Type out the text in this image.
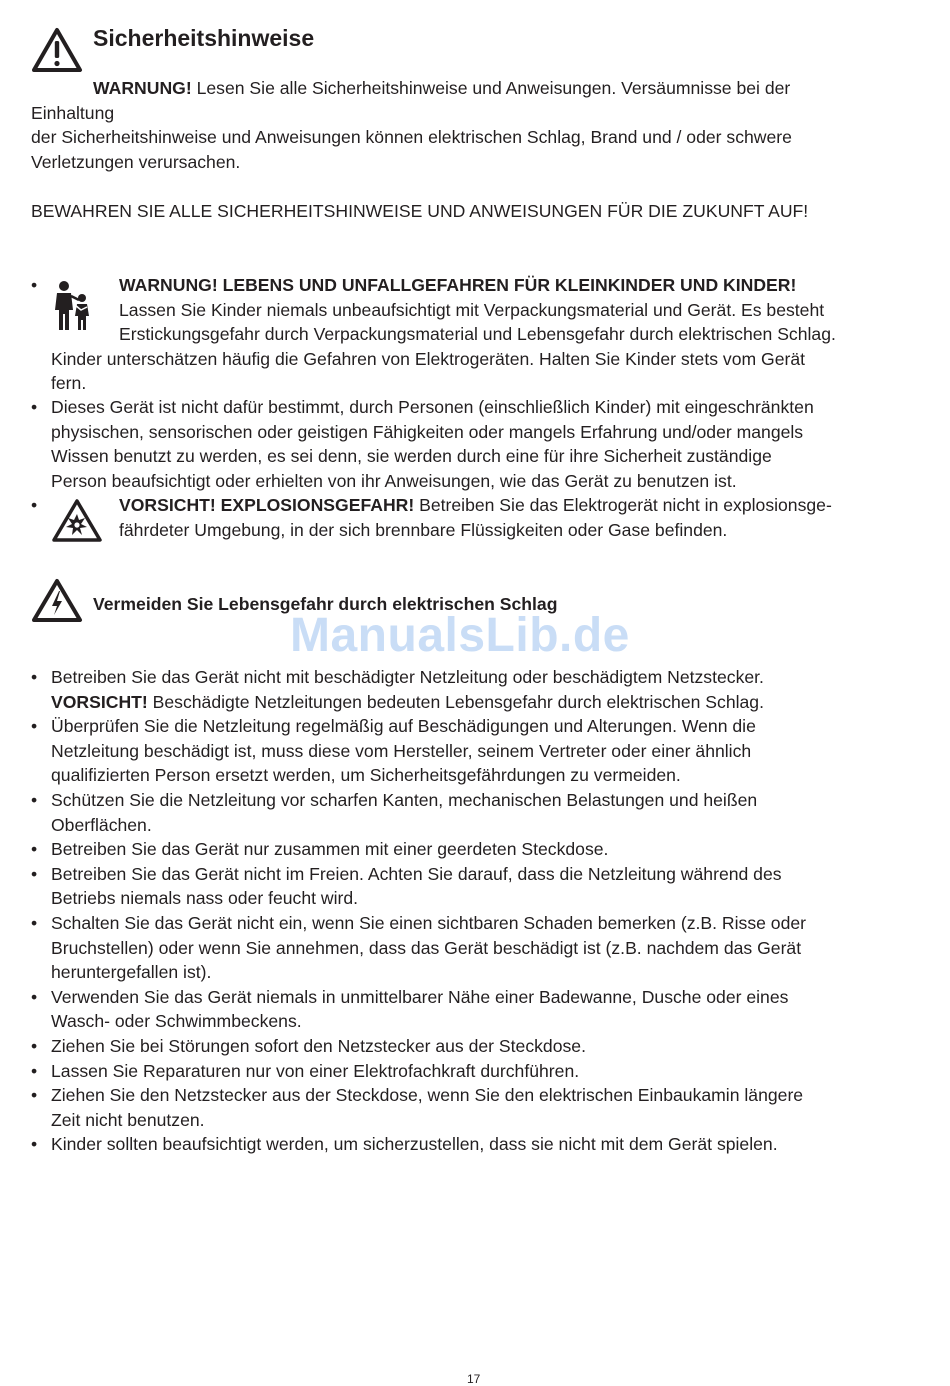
Sicherheitshinweise
WARNUNG! Lesen Sie alle Sicherheitshinweise und Anweisungen. Versäumnisse bei der
Einhaltung
der Sicherheitshinweise und Anweisungen können elektrischen Schlag, Brand und / oder schwere
Verletzungen verursachen.
BEWAHREN SIE ALLE SICHERHEITSHINWEISE UND ANWEISUNGEN FÜR DIE ZUKUNFT AUF!
•	WARNUNG! LEBENS UND UNFALLGEFAHREN FÜR KLEINKINDER UND KINDER!
Lassen Sie Kinder niemals unbeaufsichtigt mit Verpackungsmaterial und Gerät. Es besteht
Erstickungsgefahr durch Verpackungsmaterial und Lebensgefahr durch elektrischen Schlag.
Kinder unterschätzen häufig die Gefahren von Elektrogeräten. Halten Sie Kinder stets vom Gerät
fern.
• Dieses Gerät ist nicht dafür bestimmt, durch Personen (einschließlich Kinder) mit eingeschränkten
physischen, sensorischen oder geistigen Fähigkeiten oder mangels Erfahrung und/oder mangels
Wissen benutzt zu werden, es sei denn, sie werden durch eine für ihre Sicherheit zuständige
Person beaufsichtigt oder erhielten von ihr Anweisungen, wie das Gerät zu benutzen ist.
•	VORSICHT! EXPLOSIONSGEFAHR! Betreiben Sie das Elektrogerät nicht in explosionsge-
fährdeter Umgebung, in der sich brennbare Flüssigkeiten oder Gase befinden.
Vermeiden Sie Lebensgefahr durch elektrischen Schlag
ManualsLib.de
• Betreiben Sie das Gerät nicht mit beschädigter Netzleitung oder beschädigtem Netzstecker.
VORSICHT! Beschädigte Netzleitungen bedeuten Lebensgefahr durch elektrischen Schlag.
• Überprüfen Sie die Netzleitung regelmäßig auf Beschädigungen und Alterungen. Wenn die
Netzleitung beschädigt ist, muss diese vom Hersteller, seinem Vertreter oder einer ähnlich
qualifizierten Person ersetzt werden, um Sicherheitsgefährdungen zu vermeiden.
• Schützen Sie die Netzleitung vor scharfen Kanten, mechanischen Belastungen und heißen
Oberflächen.
• Betreiben Sie das Gerät nur zusammen mit einer geerdeten Steckdose.
• Betreiben Sie das Gerät nicht im Freien. Achten Sie darauf, dass die Netzleitung während des
Betriebs niemals nass oder feucht wird.
• Schalten Sie das Gerät nicht ein, wenn Sie einen sichtbaren Schaden bemerken (z.B. Risse oder
Bruchstellen) oder wenn Sie annehmen, dass das Gerät beschädigt ist (z.B. nachdem das Gerät
heruntergefallen ist).
• Verwenden Sie das Gerät niemals in unmittelbarer Nähe einer Badewanne, Dusche oder eines
Wasch- oder Schwimmbeckens.
• Ziehen Sie bei Störungen sofort den Netzstecker aus der Steckdose.
• Lassen Sie Reparaturen nur von einer Elektrofachkraft durchführen.
• Ziehen Sie den Netzstecker aus der Steckdose, wenn Sie den elektrischen Einbaukamin längere
Zeit nicht benutzen.
• Kinder sollten beaufsichtigt werden, um sicherzustellen, dass sie nicht mit dem Gerät spielen.
17
